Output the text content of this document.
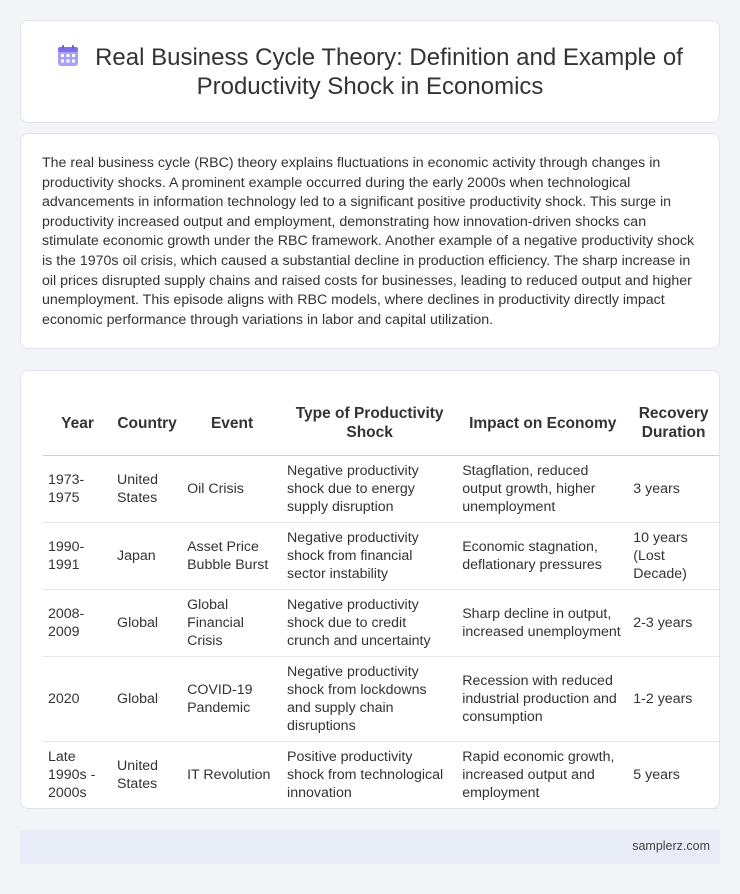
Real Business Cycle Theory: Definition and Example of Productivity Shock in Economics

The real business cycle (RBC) theory explains fluctuations in economic activity through changes in productivity shocks. A prominent example occurred during the early 2000s when technological advancements in information technology led to a significant positive productivity shock. This surge in productivity increased output and employment, demonstrating how innovation-driven shocks can stimulate economic growth under the RBC framework. Another example of a negative productivity shock is the 1970s oil crisis, which caused a substantial decline in production efficiency. The sharp increase in oil prices disrupted supply chains and raised costs for businesses, leading to reduced output and higher unemployment. This episode aligns with RBC models, where declines in productivity directly impact economic performance through variations in labor and capital utilization.

Year	Country	Event	Type of Productivity Shock	Impact on Economy	Recovery Duration
1973-1975	United States	Oil Crisis	Negative productivity shock due to energy supply disruption	Stagflation, reduced output growth, higher unemployment	3 years
1990-1991	Japan	Asset Price Bubble Burst	Negative productivity shock from financial sector instability	Economic stagnation, deflationary pressures	10 years (Lost Decade)
2008-2009	Global	Global Financial Crisis	Negative productivity shock due to credit crunch and uncertainty	Sharp decline in output, increased unemployment	2-3 years
2020	Global	COVID-19 Pandemic	Negative productivity shock from lockdowns and supply chain disruptions	Recession with reduced industrial production and consumption	1-2 years
Late 1990s - 2000s	United States	IT Revolution	Positive productivity shock from technological innovation	Rapid economic growth, increased output and employment	5 years
samplerz.com
